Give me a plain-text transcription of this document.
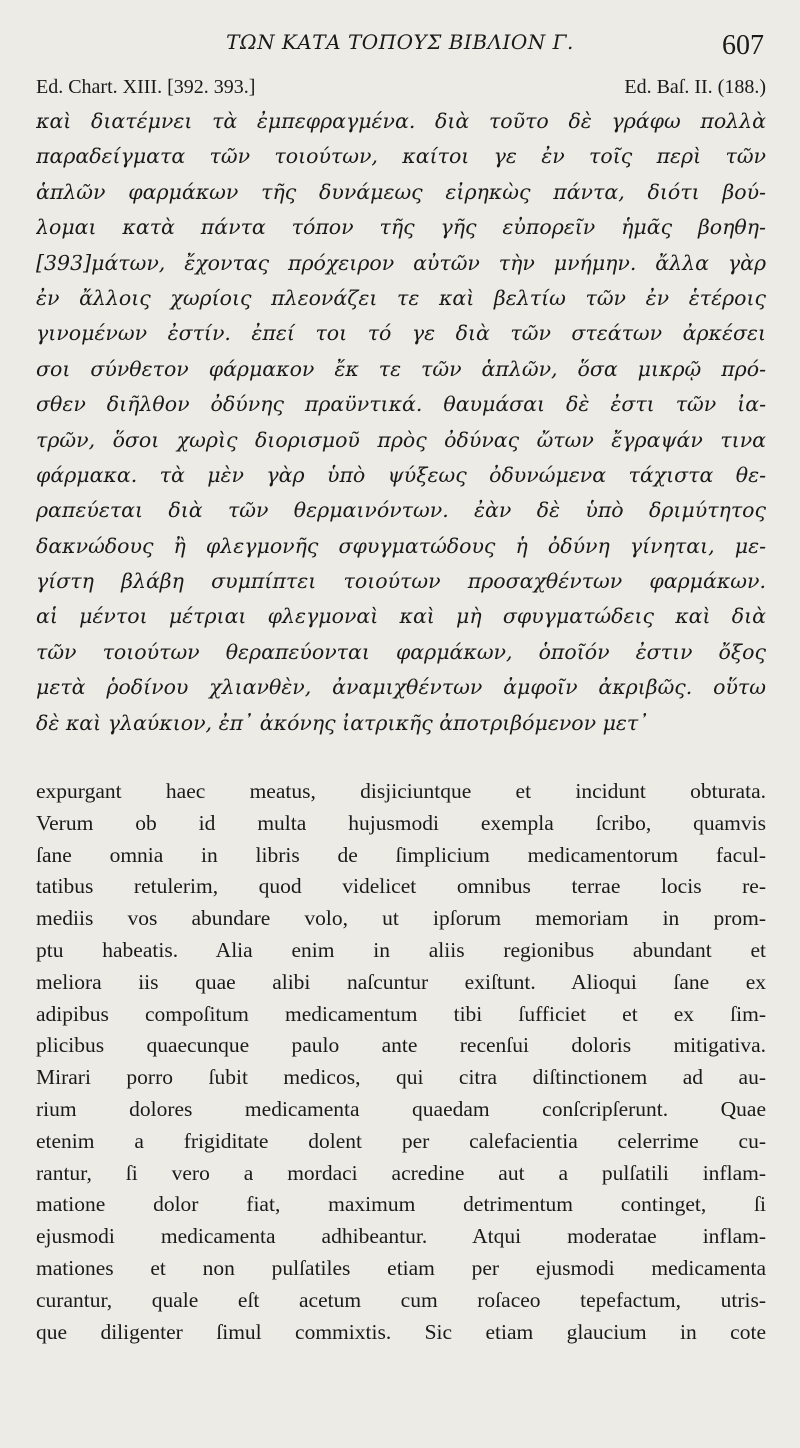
ΤΩΝ ΚΑΤΑ ΤΟΠΟΥΣ ΒΙΒΛΙΟΝ Γ.	607
Ed. Chart. XIII. [392. 393.]	Ed. Baſ. II. (188.)
καὶ διατέμνει τὰ ἐμπεφραγμένα. διὰ τοῦτο δὲ γράφω πολλὰ
παραδείγματα τῶν τοιούτων, καίτοι γε ἐν τοῖς περὶ τῶν
ἁπλῶν φαρμάκων τῆς δυνάμεως εἰρηκὼς πάντα, διότι βού-
λομαι κατὰ πάντα τόπον τῆς γῆς εὐπορεῖν ἡμᾶς βοηθη-
[393]μάτων, ἔχοντας πρόχειρον αὐτῶν τὴν μνήμην. ἄλλα γὰρ
ἐν ἄλλοις χωρίοις πλεονάζει τε καὶ βελτίω τῶν ἐν ἑτέροις
γινομένων ἐστίν. ἐπεί τοι τό γε διὰ τῶν στεάτων ἀρκέσει
σοι σύνθετον φάρμακον ἔκ τε τῶν ἁπλῶν, ὅσα μικρῷ πρό-
σθεν διῆλθον ὀδύνης πραϋντικά. θαυμάσαι δὲ ἐστι τῶν ἰα-
τρῶν, ὅσοι χωρὶς διορισμοῦ πρὸς ὀδύνας ὤτων ἔγραψάν τινα
φάρμακα. τὰ μὲν γὰρ ὑπὸ ψύξεως ὀδυνώμενα τάχιστα θε-
ραπεύεται διὰ τῶν θερμαινόντων. ἐὰν δὲ ὑπὸ δριμύτητος
δακνώδους ἢ φλεγμονῆς σφυγματώδους ἡ ὀδύνη γίνηται, με-
γίστη βλάβη συμπίπτει τοιούτων προσαχθέντων φαρμάκων.
αἱ μέντοι μέτριαι φλεγμοναὶ καὶ μὴ σφυγματώδεις καὶ διὰ
τῶν τοιούτων θεραπεύονται φαρμάκων, ὁποῖόν ἐστιν ὄξος
μετὰ ῥοδίνου χλιανθὲν, ἀναμιχθέντων ἀμφοῖν ἀκριβῶς. οὕτω
δὲ καὶ γλαύκιον, ἐπ᾽ ἀκόνης ἰατρικῆς ἀποτριβόμενον μετ᾽
expurgant haec meatus, disjiciuntque et incidunt obturata.
Verum ob id multa hujusmodi exempla ſcribo, quamvis
ſane omnia in libris de ſimplicium medicamentorum facul-
tatibus retulerim, quod videlicet omnibus terrae locis re-
mediis vos abundare volo, ut ipſorum memoriam in prom-
ptu habeatis. Alia enim in aliis regionibus abundant et
meliora iis quae alibi naſcuntur exiſtunt. Alioqui ſane ex
adipibus compoſitum medicamentum tibi ſufficiet et ex ſim-
plicibus quaecunque paulo ante recenſui doloris mitigativa.
Mirari porro ſubit medicos, qui citra diſtinctionem ad au-
rium dolores medicamenta quaedam conſcripſerunt. Quae
etenim a frigiditate dolent per calefacientia celerrime cu-
rantur, ſi vero a mordaci acredine aut a pulſatili inflam-
matione dolor fiat, maximum detrimentum continget, ſi
ejusmodi medicamenta adhibeantur. Atqui moderatae inflam-
mationes et non pulſatiles etiam per ejusmodi medicamenta
curantur, quale eſt acetum cum roſaceo tepefactum, utris-
que diligenter ſimul commixtis. Sic etiam glaucium in cote
